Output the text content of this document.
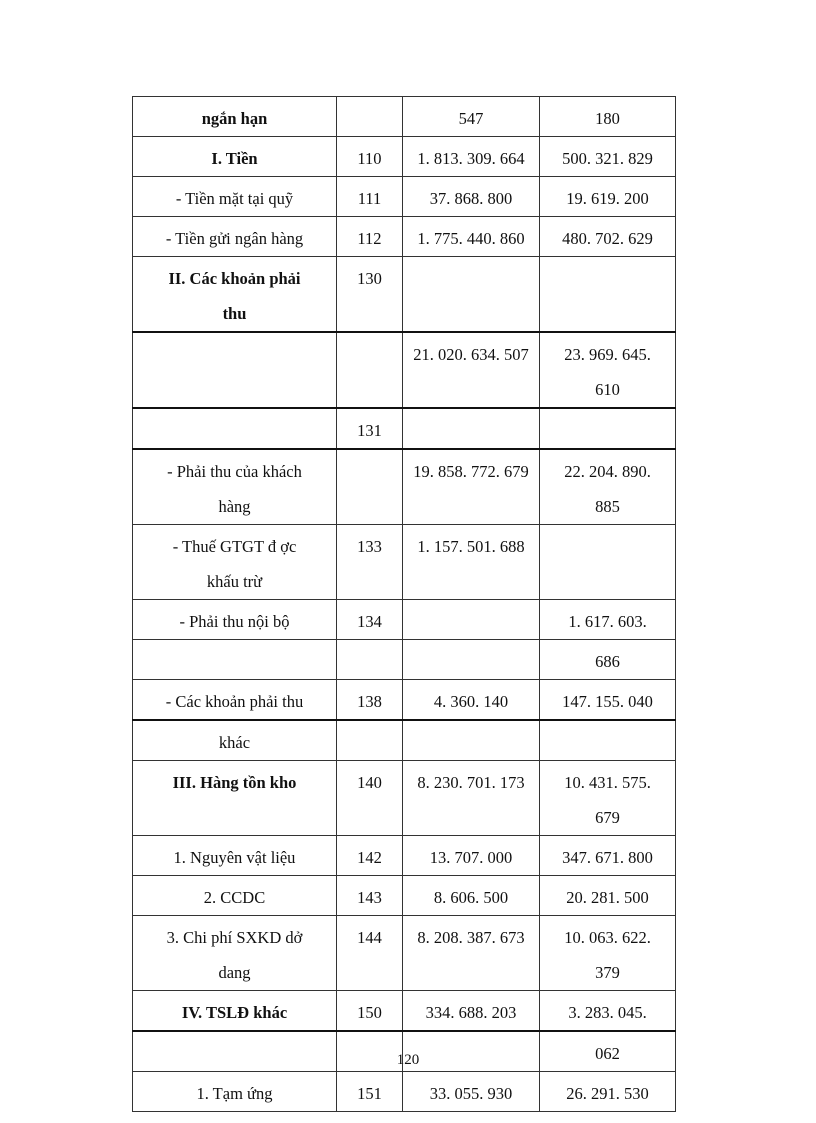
ngắn hạn		547	180

I. Tiền	110	1. 813. 309. 664	500. 321. 829

- Tiền mặt tại quỹ	111	37. 868. 800	19. 619. 200

- Tiền gửi ngân hàng	112	1. 775. 440. 860	480. 702. 629

II. Các khoản phải thu	130		

		21. 020. 634. 507	23. 969. 645. 610

	131		

- Phải thu của khách hàng		19. 858. 772. 679	22. 204. 890. 885

- Thuế GTGT đ ợc khấu trừ	133	1. 157. 501. 688	

- Phải thu nội bộ	134		1. 617. 603.

			686

- Các khoản phải thu	138	4. 360. 140	147. 155. 040

khác			

III. Hàng tồn kho	140	8. 230. 701. 173	10. 431. 575. 679

1. Nguyên vật liệu	142	13. 707. 000	347. 671. 800

2. CCDC	143	8. 606. 500	20. 281. 500

3. Chi phí SXKD dở dang	144	8. 208. 387. 673	10. 063. 622. 379

IV. TSLĐ khác	150	334. 688. 203	3. 283. 045.

			062

1. Tạm ứng	151	33. 055. 930	26. 291. 530
120
